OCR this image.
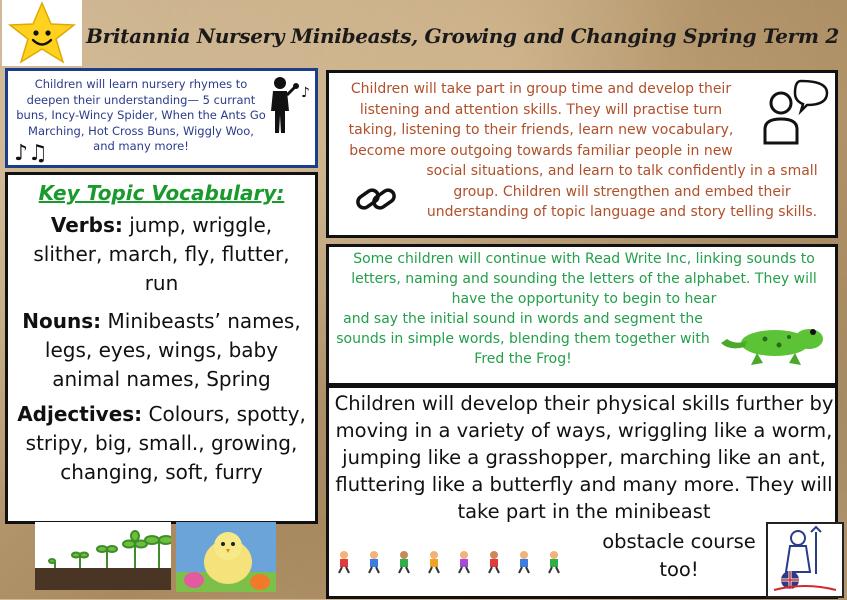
Britannia Nursery Minibeasts, Growing and Changing Spring Term 2
Children will learn nursery rhymes to deepen their understanding— 5 currant buns, Incy-Wincy Spider, When the Ants Go Marching, Hot Cross Buns, Wiggly Woo, and many more!
♪
♪♫
Key Topic Vocabulary:
Verbs: jump, wriggle, slither, march, fly, flutter, run
Nouns: Minibeasts’ names, legs, eyes, wings, baby animal names, Spring
Adjectives: Colours, spotty, stripy, big, small., growing, changing, soft, furry
Children will take part in group time and develop their listening and attention skills. They will practise turn taking, listening to their friends, learn new vocabulary, become more outgoing towards familiar people in new
social situations, and learn to talk confidently in a small group. Children will strengthen and embed their understanding of topic language and story telling skills.
Some children will continue with Read Write Inc, linking sounds to letters, naming and sounding the letters of the alphabet. They will have the opportunity to begin to hear
and say the initial sound in words and segment the sounds in simple words, blending them together with Fred the Frog!
Children will develop their physical skills further by moving in a variety of ways, wriggling like a worm, jumping like a grasshopper, marching like an ant, fluttering like a butterfly and many more. They will take part in the minibeast
obstacle course too!
